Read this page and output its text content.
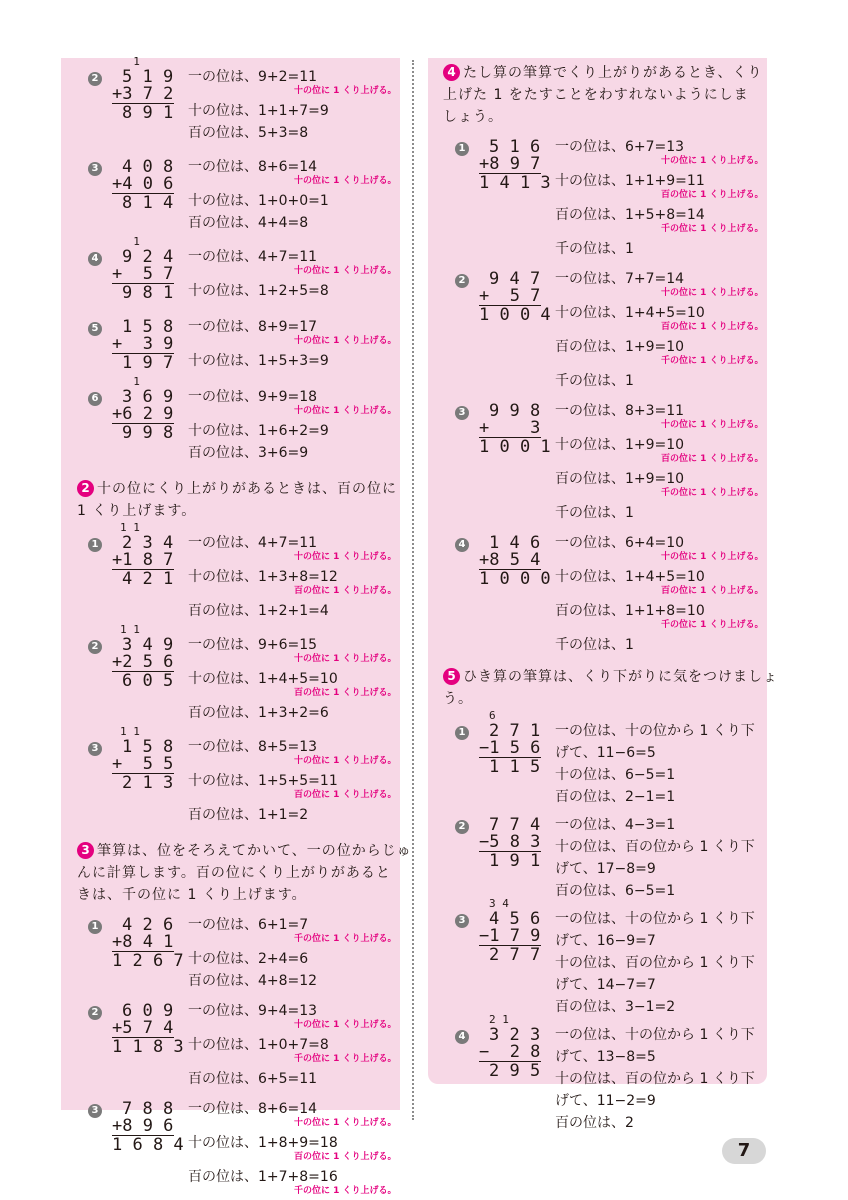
2
1
5 1 9
+3 7 2
8 9 1
一の位は、9+2=11
十の位に 1 くり上げる。
十の位は、1+1+7=9
百の位は、5+3=8
3 4 0 8
+4 0 6
8 1 4
一の位は、8+6=14
十の位に 1 くり上げる。
十の位は、1+0+0=1
百の位は、4+4=8
4
1
9 2 4
+  5 7
9 8 1
一の位は、4+7=11
十の位に 1 くり上げる。
十の位は、1+2+5=8
5 1 5 8
+  3 9
1 9 7
一の位は、8+9=17
十の位に 1 くり上げる。
十の位は、1+5+3=9
6
1
3 6 9
+6 2 9
9 9 8
一の位は、9+9=18
十の位に 1 くり上げる。
十の位は、1+6+2=9
百の位は、3+6=9
2 十の位にくり上がりがあるときは、百の位に
1 くり上げます。
1
1 1
2 3 4
+1 8 7
4 2 1
一の位は、4+7=11
十の位に 1 くり上げる。
十の位は、1+3+8=12
百の位に 1 くり上げる。
百の位は、1+2+1=4
2
1 1
3 4 9
+2 5 6
6 0 5
一の位は、9+6=15
十の位に 1 くり上げる。
十の位は、1+4+5=10
百の位に 1 くり上げる。
百の位は、1+3+2=6
3
1 1
1 5 8
+  5 5
2 1 3
一の位は、8+5=13
十の位に 1 くり上げる。
十の位は、1+5+5=11
百の位に 1 くり上げる。
百の位は、1+1=2
3 筆算は、位をそろえてかいて、一の位からじゅ
んに計算します。百の位にくり上がりがあると
きは、千の位に 1 くり上げます。
1 4 2 6
+8 4 1
1 2 6 7
一の位は、6+1=7
千の位に 1 くり上げる。
十の位は、2+4=6
百の位は、4+8=12
2 6 0 9
+5 7 4
1 1 8 3
一の位は、9+4=13
十の位に 1 くり上げる。
十の位は、1+0+7=8
千の位に 1 くり上げる。
百の位は、6+5=11
3 7 8 8
+8 9 6
1 6 8 4
一の位は、8+6=14
十の位に 1 くり上げる。
十の位は、1+8+9=18
百の位に 1 くり上げる。
百の位は、1+7+8=16
千の位に 1 くり上げる。
4 たし算の筆算でくり上がりがあるとき、くり
上げた 1 をたすことをわすれないようにしま
しょう。
1 5 1 6
+8 9 7
1 4 1 3
一の位は、6+7=13
十の位に 1 くり上げる。
十の位は、1+1+9=11
百の位に 1 くり上げる。
百の位は、1+5+8=14
千の位に 1 くり上げる。
千の位は、1
2 9 4 7
+  5 7
1 0 0 4
一の位は、7+7=14
十の位に 1 くり上げる。
十の位は、1+4+5=10
百の位に 1 くり上げる。
百の位は、1+9=10
千の位に 1 くり上げる。
千の位は、1
3 9 9 8
+    3
1 0 0 1
一の位は、8+3=11
十の位に 1 くり上げる。
十の位は、1+9=10
百の位に 1 くり上げる。
百の位は、1+9=10
千の位に 1 くり上げる。
千の位は、1
4 1 4 6
+8 5 4
1 0 0 0
一の位は、6+4=10
十の位に 1 くり上げる。
十の位は、1+4+5=10
百の位に 1 くり上げる。
百の位は、1+1+8=10
千の位に 1 くり上げる。
千の位は、1
5 ひき算の筆算は、くり下がりに気をつけましょ
う。
1
6
2 7 1
−1 5 6
1 1 5
一の位は、十の位から 1 くり下
げて、11−6=5
十の位は、6−5=1
百の位は、2−1=1
2 7 7 4
−5 8 3
1 9 1
一の位は、4−3=1
十の位は、百の位から 1 くり下
げて、17−8=9
百の位は、6−5=1
3
3 4
4 5 6
−1 7 9
2 7 7
一の位は、十の位から 1 くり下
げて、16−9=7
十の位は、百の位から 1 くり下
げて、14−7=7
百の位は、3−1=2
4
2 1
3 2 3
−  2 8
2 9 5
一の位は、十の位から 1 くり下
げて、13−8=5
十の位は、百の位から 1 くり下
げて、11−2=9
百の位は、2
7
